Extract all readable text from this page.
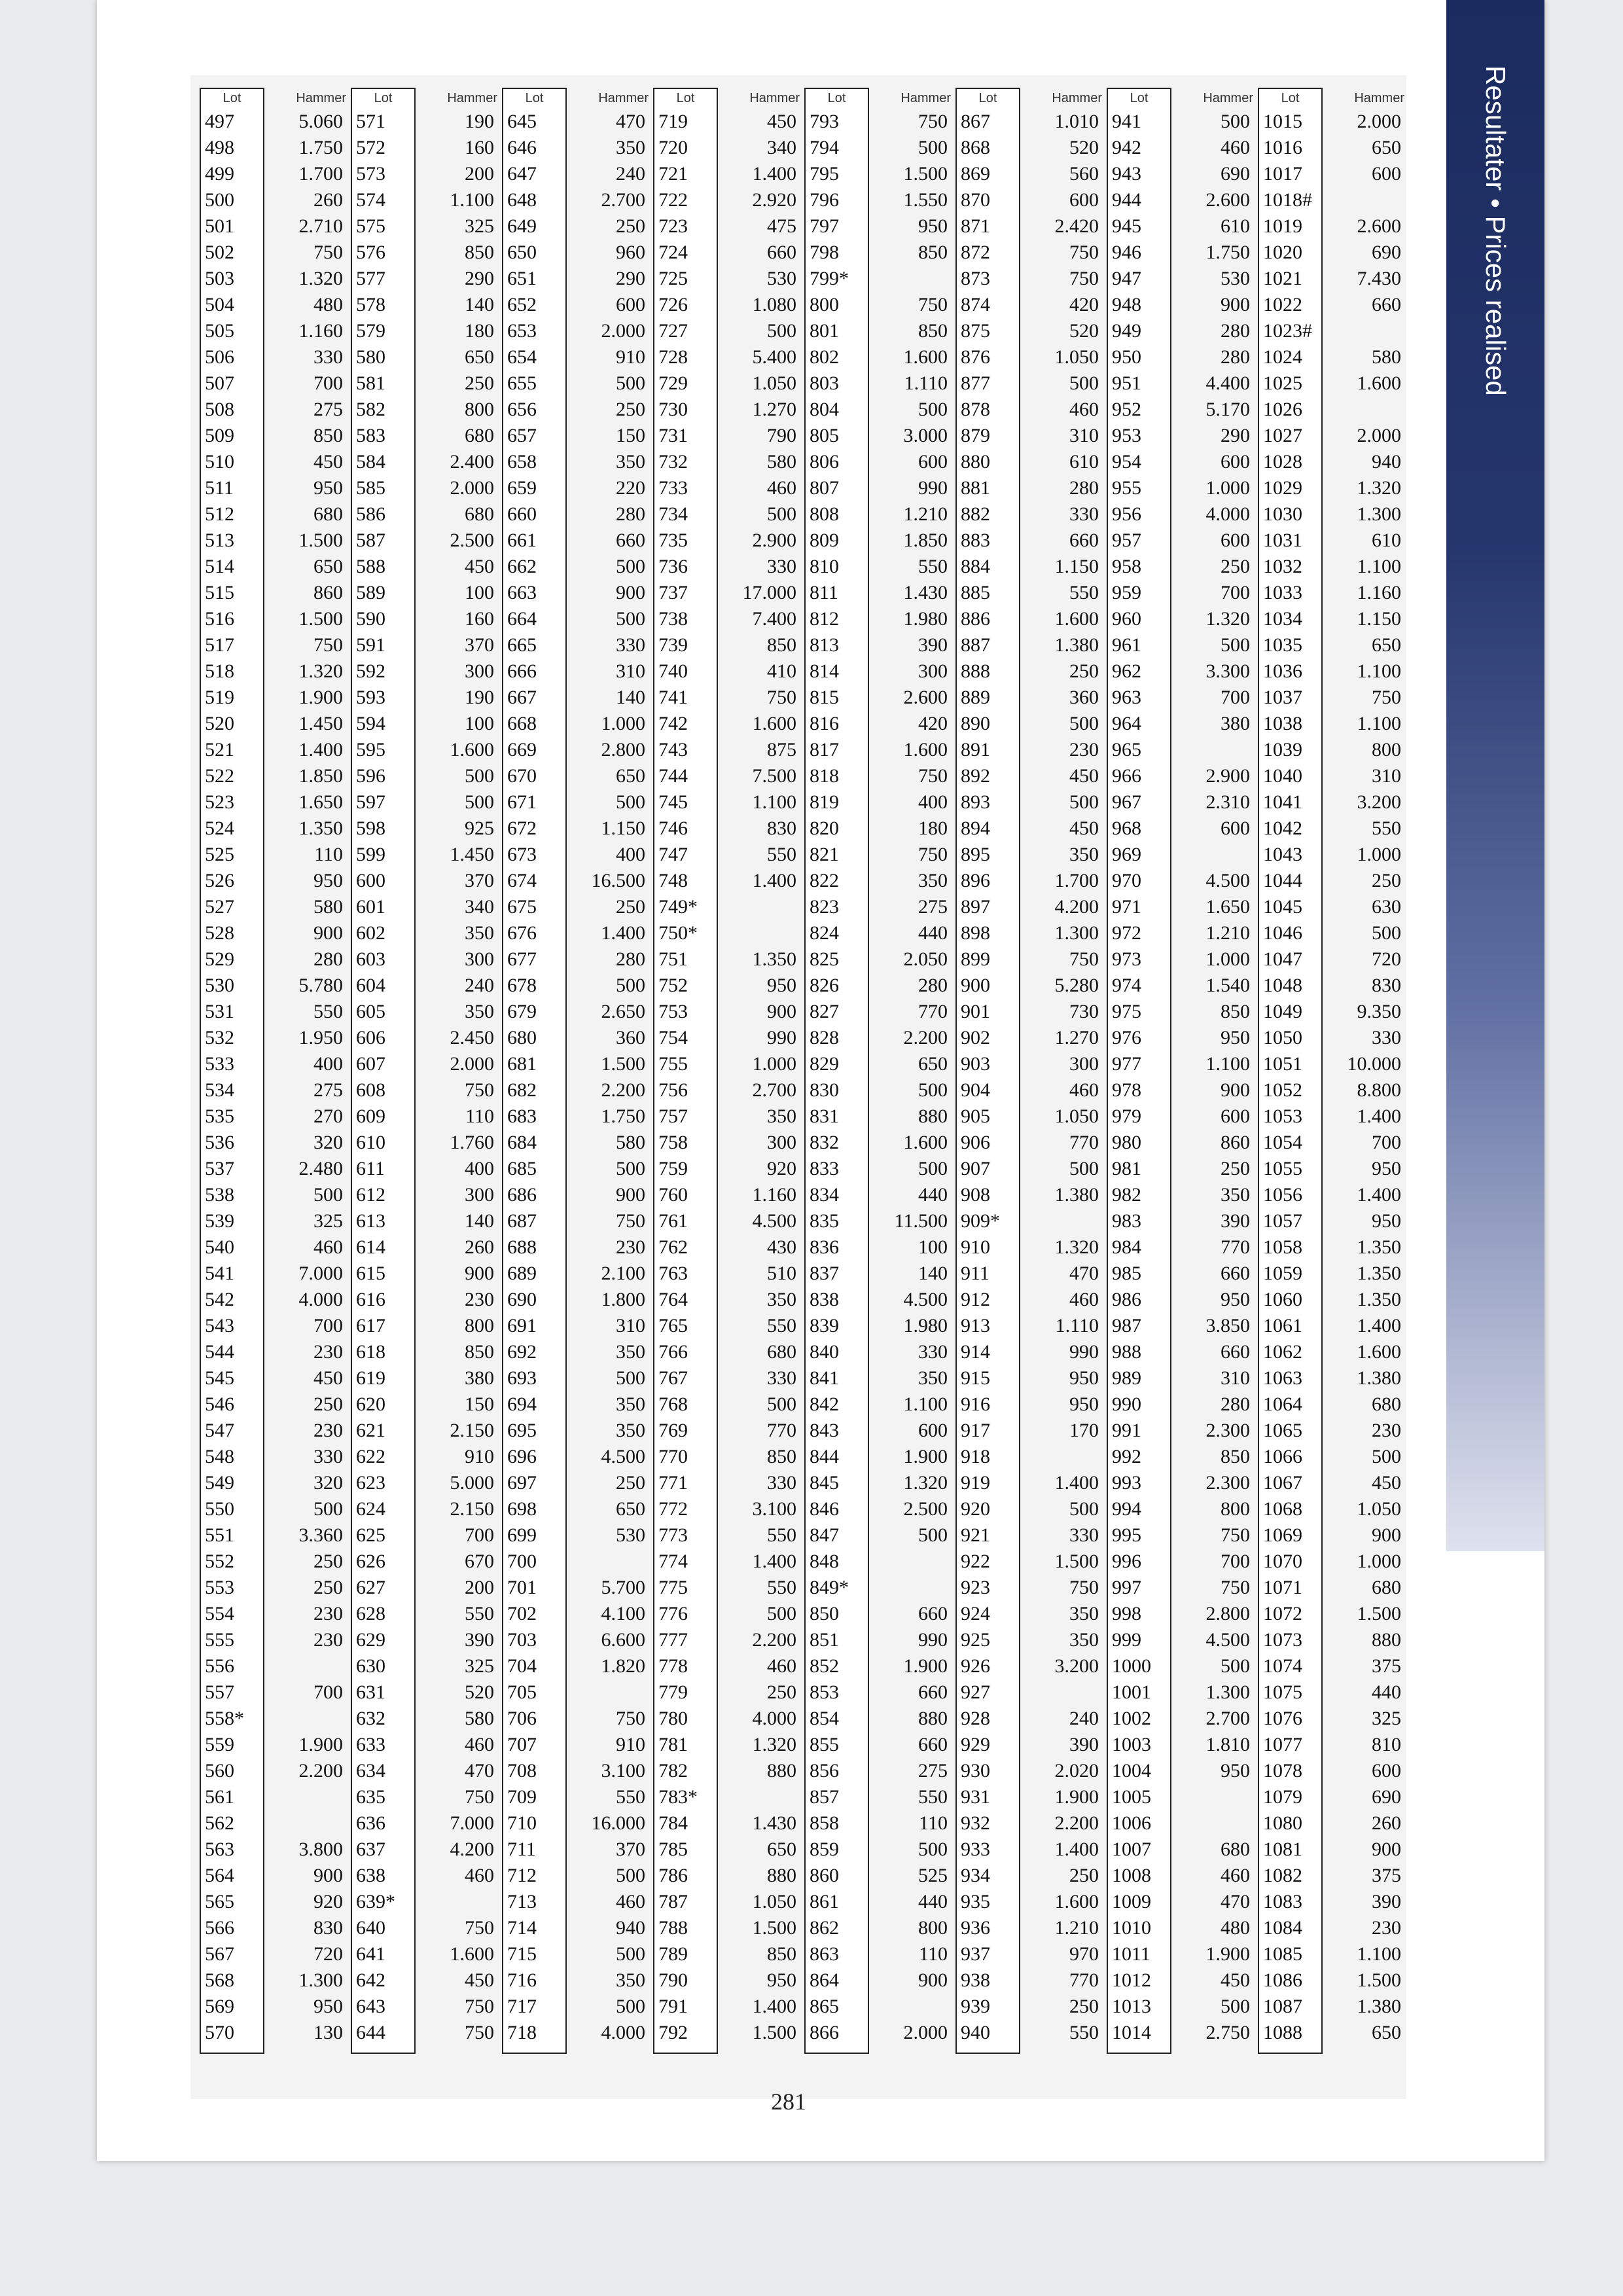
Resultater • Prices realised
Lot	Hammer
497	5.060
498	1.750
499	1.700
500	260
501	2.710
502	750
503	1.320
504	480
505	1.160
506	330
507	700
508	275
509	850
510	450
511	950
512	680
513	1.500
514	650
515	860
516	1.500
517	750
518	1.320
519	1.900
520	1.450
521	1.400
522	1.850
523	1.650
524	1.350
525	110
526	950
527	580
528	900
529	280
530	5.780
531	550
532	1.950
533	400
534	275
535	270
536	320
537	2.480
538	500
539	325
540	460
541	7.000
542	4.000
543	700
544	230
545	450
546	250
547	230
548	330
549	320
550	500
551	3.360
552	250
553	250
554	230
555	230
556
557	700
558*
559	1.900
560	2.200
561
562
563	3.800
564	900
565	920
566	830
567	720
568	1.300
569	950
570	130
Lot	Hammer
571	190
572	160
573	200
574	1.100
575	325
576	850
577	290
578	140
579	180
580	650
581	250
582	800
583	680
584	2.400
585	2.000
586	680
587	2.500
588	450
589	100
590	160
591	370
592	300
593	190
594	100
595	1.600
596	500
597	500
598	925
599	1.450
600	370
601	340
602	350
603	300
604	240
605	350
606	2.450
607	2.000
608	750
609	110
610	1.760
611	400
612	300
613	140
614	260
615	900
616	230
617	800
618	850
619	380
620	150
621	2.150
622	910
623	5.000
624	2.150
625	700
626	670
627	200
628	550
629	390
630	325
631	520
632	580
633	460
634	470
635	750
636	7.000
637	4.200
638	460
639*
640	750
641	1.600
642	450
643	750
644	750
Lot	Hammer
645	470
646	350
647	240
648	2.700
649	250
650	960
651	290
652	600
653	2.000
654	910
655	500
656	250
657	150
658	350
659	220
660	280
661	660
662	500
663	900
664	500
665	330
666	310
667	140
668	1.000
669	2.800
670	650
671	500
672	1.150
673	400
674	16.500
675	250
676	1.400
677	280
678	500
679	2.650
680	360
681	1.500
682	2.200
683	1.750
684	580
685	500
686	900
687	750
688	230
689	2.100
690	1.800
691	310
692	350
693	500
694	350
695	350
696	4.500
697	250
698	650
699	530
700
701	5.700
702	4.100
703	6.600
704	1.820
705
706	750
707	910
708	3.100
709	550
710	16.000
711	370
712	500
713	460
714	940
715	500
716	350
717	500
718	4.000
Lot	Hammer
719	450
720	340
721	1.400
722	2.920
723	475
724	660
725	530
726	1.080
727	500
728	5.400
729	1.050
730	1.270
731	790
732	580
733	460
734	500
735	2.900
736	330
737	17.000
738	7.400
739	850
740	410
741	750
742	1.600
743	875
744	7.500
745	1.100
746	830
747	550
748	1.400
749*
750*
751	1.350
752	950
753	900
754	990
755	1.000
756	2.700
757	350
758	300
759	920
760	1.160
761	4.500
762	430
763	510
764	350
765	550
766	680
767	330
768	500
769	770
770	850
771	330
772	3.100
773	550
774	1.400
775	550
776	500
777	2.200
778	460
779	250
780	4.000
781	1.320
782	880
783*
784	1.430
785	650
786	880
787	1.050
788	1.500
789	850
790	950
791	1.400
792	1.500
Lot	Hammer
793	750
794	500
795	1.500
796	1.550
797	950
798	850
799*
800	750
801	850
802	1.600
803	1.110
804	500
805	3.000
806	600
807	990
808	1.210
809	1.850
810	550
811	1.430
812	1.980
813	390
814	300
815	2.600
816	420
817	1.600
818	750
819	400
820	180
821	750
822	350
823	275
824	440
825	2.050
826	280
827	770
828	2.200
829	650
830	500
831	880
832	1.600
833	500
834	440
835	11.500
836	100
837	140
838	4.500
839	1.980
840	330
841	350
842	1.100
843	600
844	1.900
845	1.320
846	2.500
847	500
848
849*
850	660
851	990
852	1.900
853	660
854	880
855	660
856	275
857	550
858	110
859	500
860	525
861	440
862	800
863	110
864	900
865
866	2.000
Lot	Hammer
867	1.010
868	520
869	560
870	600
871	2.420
872	750
873	750
874	420
875	520
876	1.050
877	500
878	460
879	310
880	610
881	280
882	330
883	660
884	1.150
885	550
886	1.600
887	1.380
888	250
889	360
890	500
891	230
892	450
893	500
894	450
895	350
896	1.700
897	4.200
898	1.300
899	750
900	5.280
901	730
902	1.270
903	300
904	460
905	1.050
906	770
907	500
908	1.380
909*
910	1.320
911	470
912	460
913	1.110
914	990
915	950
916	950
917	170
918
919	1.400
920	500
921	330
922	1.500
923	750
924	350
925	350
926	3.200
927
928	240
929	390
930	2.020
931	1.900
932	2.200
933	1.400
934	250
935	1.600
936	1.210
937	970
938	770
939	250
940	550
Lot	Hammer
941	500
942	460
943	690
944	2.600
945	610
946	1.750
947	530
948	900
949	280
950	280
951	4.400
952	5.170
953	290
954	600
955	1.000
956	4.000
957	600
958	250
959	700
960	1.320
961	500
962	3.300
963	700
964	380
965
966	2.900
967	2.310
968	600
969
970	4.500
971	1.650
972	1.210
973	1.000
974	1.540
975	850
976	950
977	1.100
978	900
979	600
980	860
981	250
982	350
983	390
984	770
985	660
986	950
987	3.850
988	660
989	310
990	280
991	2.300
992	850
993	2.300
994	800
995	750
996	700
997	750
998	2.800
999	4.500
1000	500
1001	1.300
1002	2.700
1003	1.810
1004	950
1005
1006
1007	680
1008	460
1009	470
1010	480
1011	1.900
1012	450
1013	500
1014	2.750
Lot	Hammer
1015	2.000
1016	650
1017	600
1018#
1019	2.600
1020	690
1021	7.430
1022	660
1023#
1024	580
1025	1.600
1026
1027	2.000
1028	940
1029	1.320
1030	1.300
1031	610
1032	1.100
1033	1.160
1034	1.150
1035	650
1036	1.100
1037	750
1038	1.100
1039	800
1040	310
1041	3.200
1042	550
1043	1.000
1044	250
1045	630
1046	500
1047	720
1048	830
1049	9.350
1050	330
1051	10.000
1052	8.800
1053	1.400
1054	700
1055	950
1056	1.400
1057	950
1058	1.350
1059	1.350
1060	1.350
1061	1.400
1062	1.600
1063	1.380
1064	680
1065	230
1066	500
1067	450
1068	1.050
1069	900
1070	1.000
1071	680
1072	1.500
1073	880
1074	375
1075	440
1076	325
1077	810
1078	600
1079	690
1080	260
1081	900
1082	375
1083	390
1084	230
1085	1.100
1086	1.500
1087	1.380
1088	650
281
